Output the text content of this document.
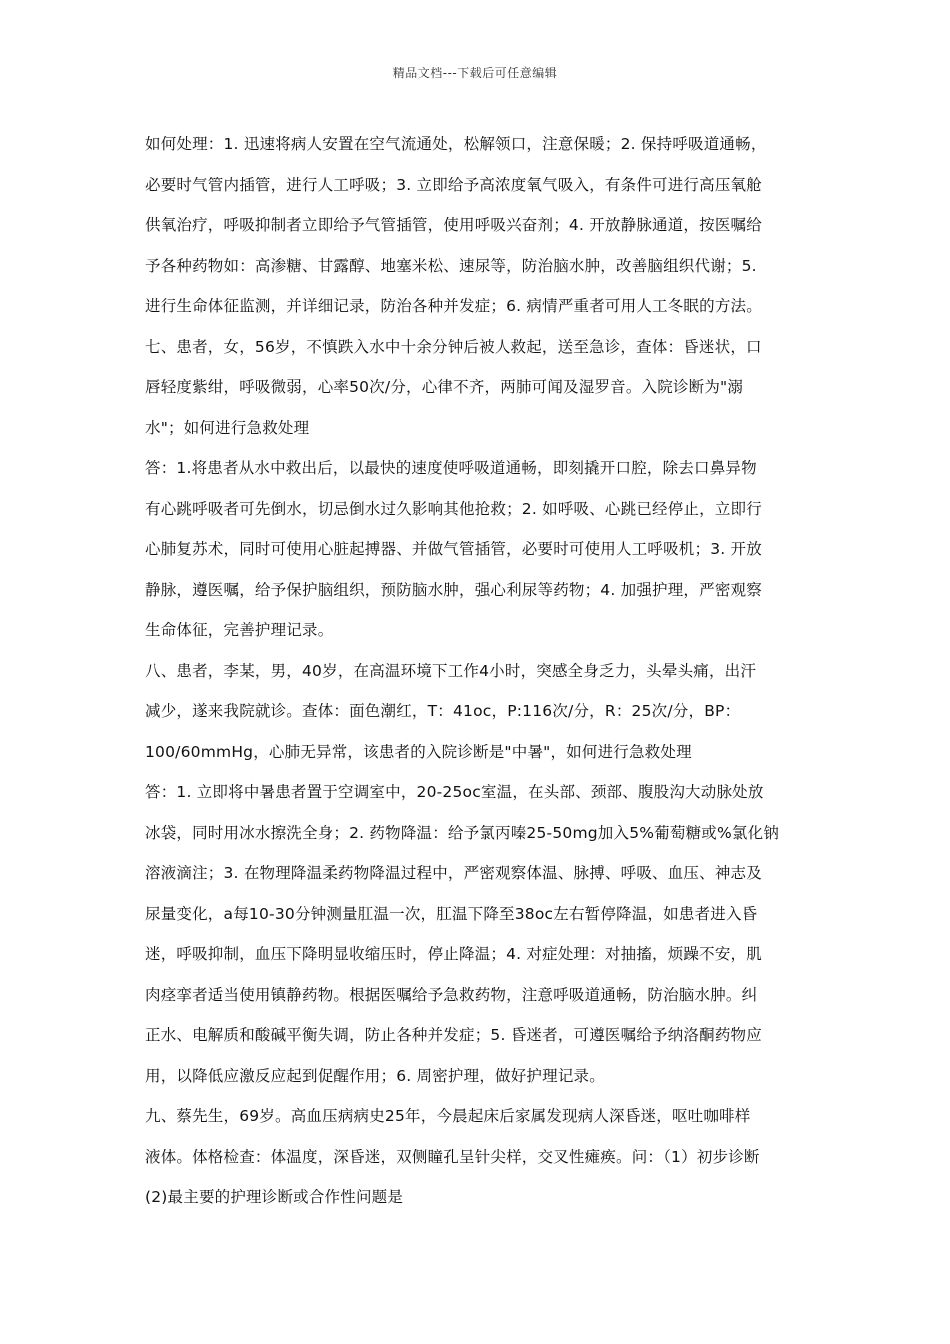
精品文档---下载后可任意编辑
如何处理：1. 迅速将病人安置在空气流通处，松解领口，注意保暖；2. 保持呼吸道通畅，
必要时气管内插管，进行人工呼吸；3. 立即给予高浓度氧气吸入，有条件可进行高压氧舱
供氧治疗，呼吸抑制者立即给予气管插管，使用呼吸兴奋剂；4. 开放静脉通道，按医嘱给
予各种药物如：高渗糖、甘露醇、地塞米松、速尿等，防治脑水肿，改善脑组织代谢；5.
进行生命体征监测，并详细记录，防治各种并发症；6. 病情严重者可用人工冬眠的方法。
七、患者，女，56岁，不慎跌入水中十余分钟后被人救起，送至急诊，查体：昏迷状，口
唇轻度紫绀，呼吸微弱，心率50次/分，心律不齐，两肺可闻及湿罗音。入院诊断为"溺
水"；如何进行急救处理
答：1.将患者从水中救出后，以最快的速度使呼吸道通畅，即刻撬开口腔，除去口鼻异物
有心跳呼吸者可先倒水，切忌倒水过久影响其他抢救；2. 如呼吸、心跳已经停止，立即行
心肺复苏术，同时可使用心脏起搏器、并做气管插管，必要时可使用人工呼吸机；3. 开放
静脉，遵医嘱，给予保护脑组织，预防脑水肿，强心利尿等药物；4. 加强护理，严密观察
生命体征，完善护理记录。
八、患者，李某，男，40岁，在高温环境下工作4小时，突感全身乏力，头晕头痛，出汗
减少，遂来我院就诊。查体：面色潮红，T：41oc，P:116次/分，R：25次/分，BP：
100/60mmHg，心肺无异常，该患者的入院诊断是"中暑"，如何进行急救处理
答：1. 立即将中暑患者置于空调室中，20-25oc室温，在头部、颈部、腹股沟大动脉处放
冰袋，同时用冰水擦洗全身；2. 药物降温：给予氯丙嗪25-50mg加入5%葡萄糖或%氯化钠
溶液滴注；3. 在物理降温柔药物降温过程中，严密观察体温、脉搏、呼吸、血压、神志及
尿量变化，a每10-30分钟测量肛温一次，肛温下降至38oc左右暂停降温，如患者进入昏
迷，呼吸抑制，血压下降明显收缩压时，停止降温；4. 对症处理：对抽搐，烦躁不安，肌
肉痉挛者适当使用镇静药物。根据医嘱给予急救药物，注意呼吸道通畅，防治脑水肿。纠
正水、电解质和酸碱平衡失调，防止各种并发症；5. 昏迷者，可遵医嘱给予纳洛酮药物应
用，以降低应激反应起到促醒作用；6. 周密护理，做好护理记录。
九、蔡先生，69岁。高血压病病史25年，今晨起床后家属发现病人深昏迷，呕吐咖啡样
液体。体格检查：体温度，深昏迷，双侧瞳孔呈针尖样，交叉性瘫痪。问：（1）初步诊断
(2)最主要的护理诊断或合作性问题是
